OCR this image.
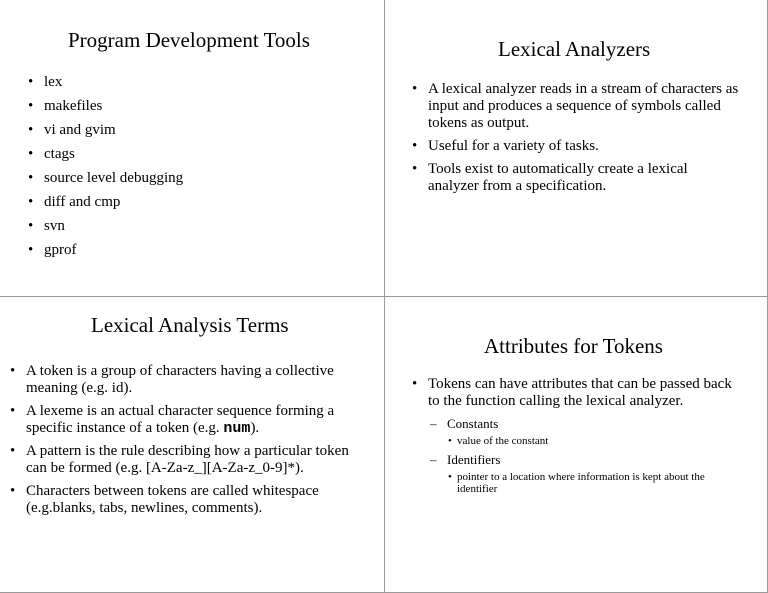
Program Development Tools
• lex
• makefiles
• vi and gvim
• ctags
• source level debugging
• diff and cmp
• svn
• gprof
Lexical Analyzers
• A lexical analyzer reads in a stream of characters as input and produces a sequence of symbols called tokens as output.
• Useful for a variety of tasks.
• Tools exist to automatically create a lexical analyzer from a specification.
Lexical Analysis Terms
• A token is a group of characters having a collective meaning (e.g. id).
• A lexeme is an actual character sequence forming a specific instance of a token (e.g. num).
• A pattern is the rule describing how a particular token can be formed (e.g. [A-Za-z_][A-Za-z_0-9]*).
• Characters between tokens are called whitespace (e.g.blanks, tabs, newlines, comments).
Attributes for Tokens
• Tokens can have attributes that can be passed back to the function calling the lexical analyzer.
– Constants
• value of the constant
– Identifiers
• pointer to a location where information is kept about the identifier
